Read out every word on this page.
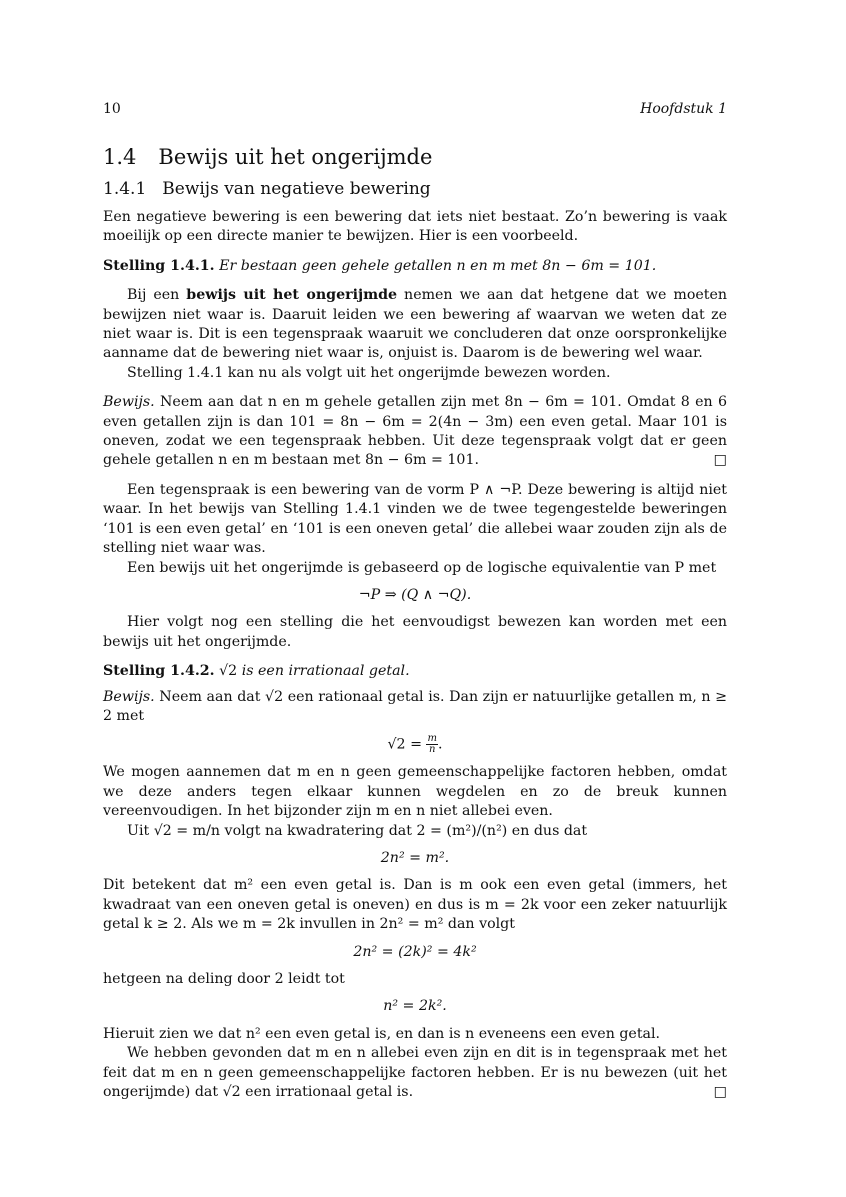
10	Hoofdstuk 1
1.4 Bewijs uit het ongerijmde
1.4.1 Bewijs van negatieve bewering

Een negatieve bewering is een bewering dat iets niet bestaat. Zo’n bewering is vaak moeilijk op een directe manier te bewijzen. Hier is een voorbeeld.

Stelling 1.4.1. Er bestaan geen gehele getallen n en m met 8n − 6m = 101.

Bij een bewijs uit het ongerijmde nemen we aan dat hetgene dat we moeten bewijzen niet waar is. Daaruit leiden we een bewering af waarvan we weten dat ze niet waar is. Dit is een tegenspraak waaruit we concluderen dat onze oorspronkelijke aanname dat de bewering niet waar is, onjuist is. Daarom is de bewering wel waar.

Stelling 1.4.1 kan nu als volgt uit het ongerijmde bewezen worden.

Bewijs. Neem aan dat n en m gehele getallen zijn met 8n − 6m = 101. Omdat 8 en 6 even getallen zijn is dan 101 = 8n − 6m = 2(4n − 3m) een even getal. Maar 101 is oneven, zodat we een tegenspraak hebben. Uit deze tegenspraak volgt dat er geen gehele getallen n en m bestaan met 8n − 6m = 101.	□

Een tegenspraak is een bewering van de vorm P ∧ ¬P. Deze bewering is altijd niet waar. In het bewijs van Stelling 1.4.1 vinden we de twee tegengestelde beweringen ‘101 is een even getal’ en ‘101 is een oneven getal’ die allebei waar zouden zijn als de stelling niet waar was.

Een bewijs uit het ongerijmde is gebaseerd op de logische equivalentie van P met

¬P ⇒ (Q ∧ ¬Q).

Hier volgt nog een stelling die het eenvoudigst bewezen kan worden met een bewijs uit het ongerijmde.

Stelling 1.4.2. √2 is een irrationaal getal.

Bewijs. Neem aan dat √2 een rationaal getal is. Dan zijn er natuurlijke getallen m, n ≥ 2 met

$√2 = \frac{m}{n}$ .

We mogen aannemen dat m en n geen gemeenschappelijke factoren hebben, omdat we deze anders tegen elkaar kunnen wegdelen en zo de breuk kunnen vereenvoudigen. In het bijzonder zijn m en n niet allebei even.

Uit √2 = m/n volgt na kwadratering dat 2 = (m²)/(n²) en dus dat

2n² = m².

Dit betekent dat m² een even getal is. Dan is m ook een even getal (immers, het kwadraat van een oneven getal is oneven) en dus is m = 2k voor een zeker natuurlijk getal k ≥ 2. Als we m = 2k invullen in 2n² = m² dan volgt

2n² = (2k)² = 4k²

hetgeen na deling door 2 leidt tot

n² = 2k².

Hieruit zien we dat n² een even getal is, en dan is n eveneens een even getal.

We hebben gevonden dat m en n allebei even zijn en dit is in tegenspraak met het feit dat m en n geen gemeenschappelijke factoren hebben. Er is nu bewezen (uit het ongerijmde) dat √2 een irrationaal getal is.	□
